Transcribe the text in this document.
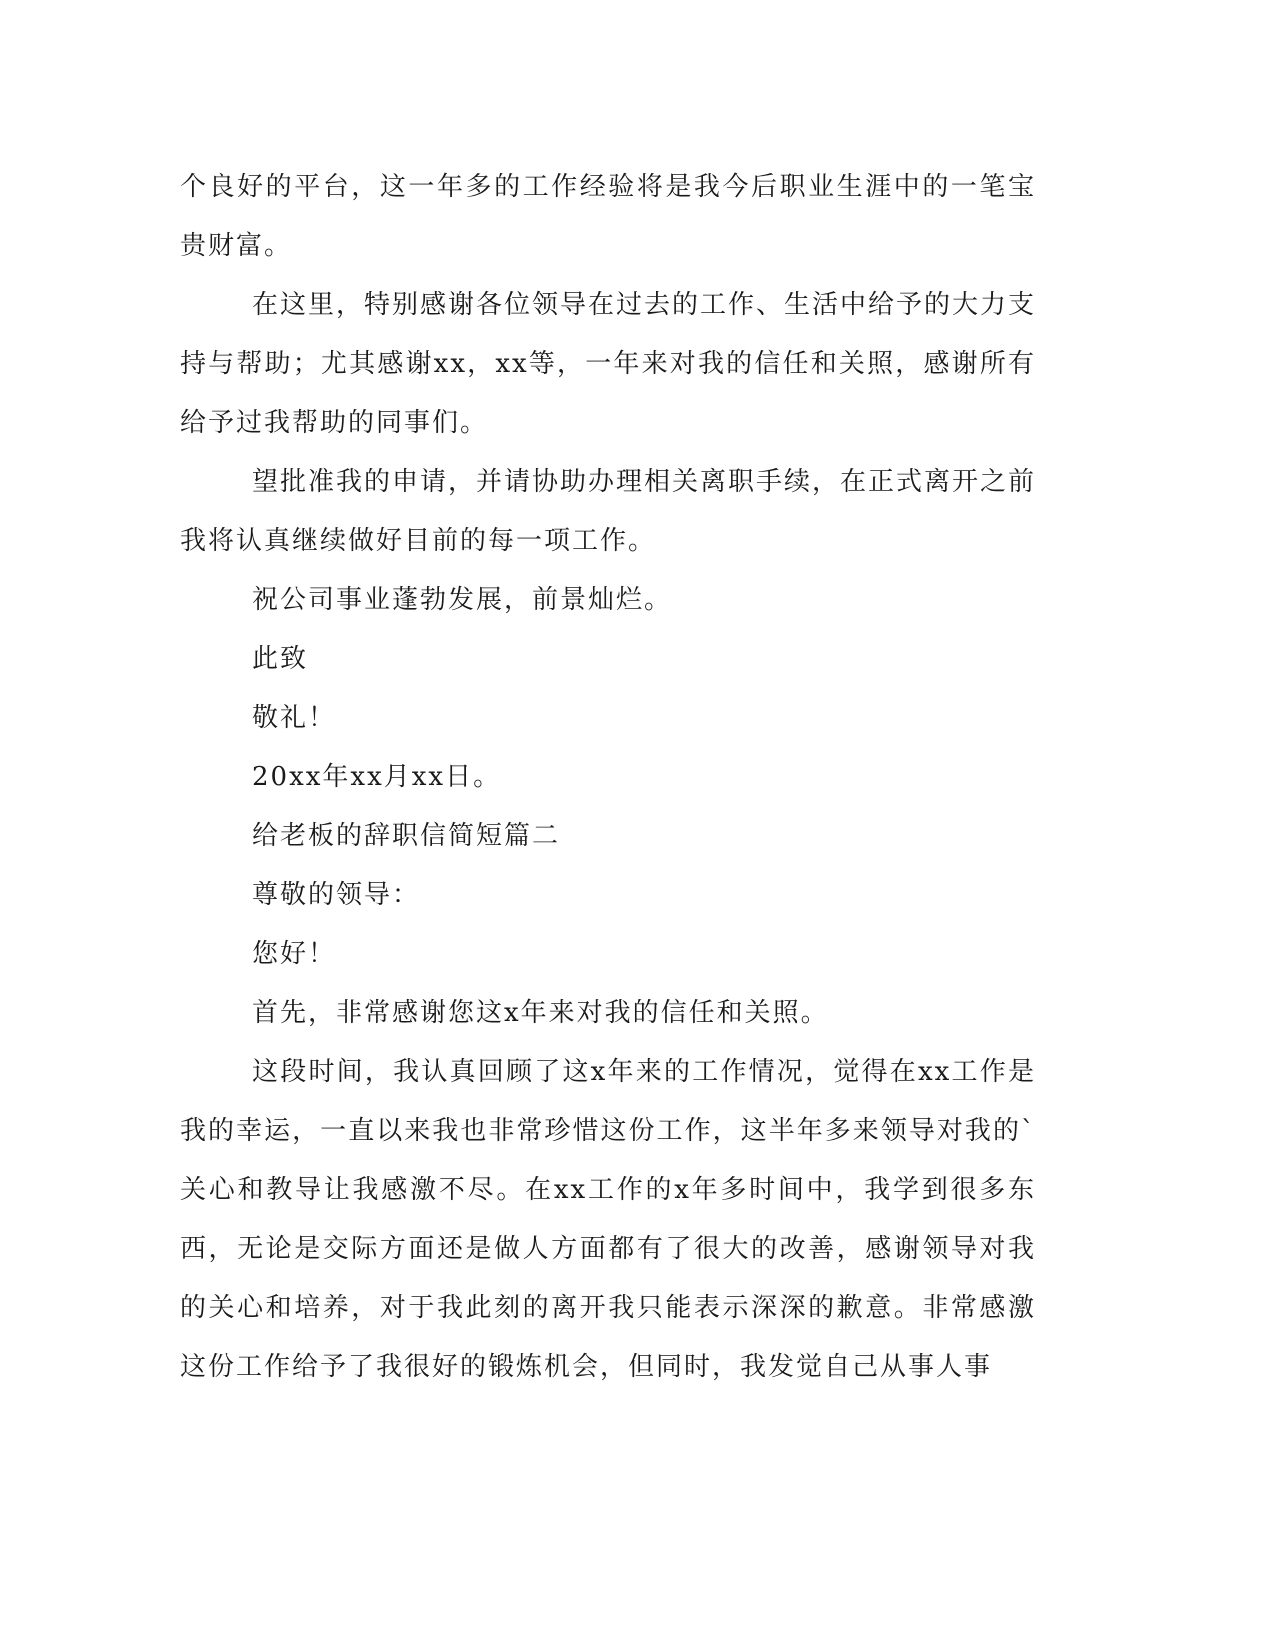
个良好的平台，这一年多的工作经验将是我今后职业生涯中的一笔宝贵财富。

在这里，特别感谢各位领导在过去的工作、生活中给予的大力支持与帮助；尤其感谢xx，xx等，一年来对我的信任和关照，感谢所有给予过我帮助的同事们。

望批准我的申请，并请协助办理相关离职手续，在正式离开之前我将认真继续做好目前的每一项工作。

祝公司事业蓬勃发展，前景灿烂。

此致

敬礼！

20xx年xx月xx日。

给老板的辞职信简短篇二

尊敬的领导：

您好！

首先，非常感谢您这x年来对我的信任和关照。

这段时间，我认真回顾了这x年来的工作情况，觉得在xx工作是我的幸运，一直以来我也非常珍惜这份工作，这半年多来领导对我的`关心和教导让我感激不尽。在xx工作的x年多时间中，我学到很多东西，无论是交际方面还是做人方面都有了很大的改善，感谢领导对我的关心和培养，对于我此刻的离开我只能表示深深的歉意。非常感激这份工作给予了我很好的锻炼机会，但同时，我发觉自己从事人事
